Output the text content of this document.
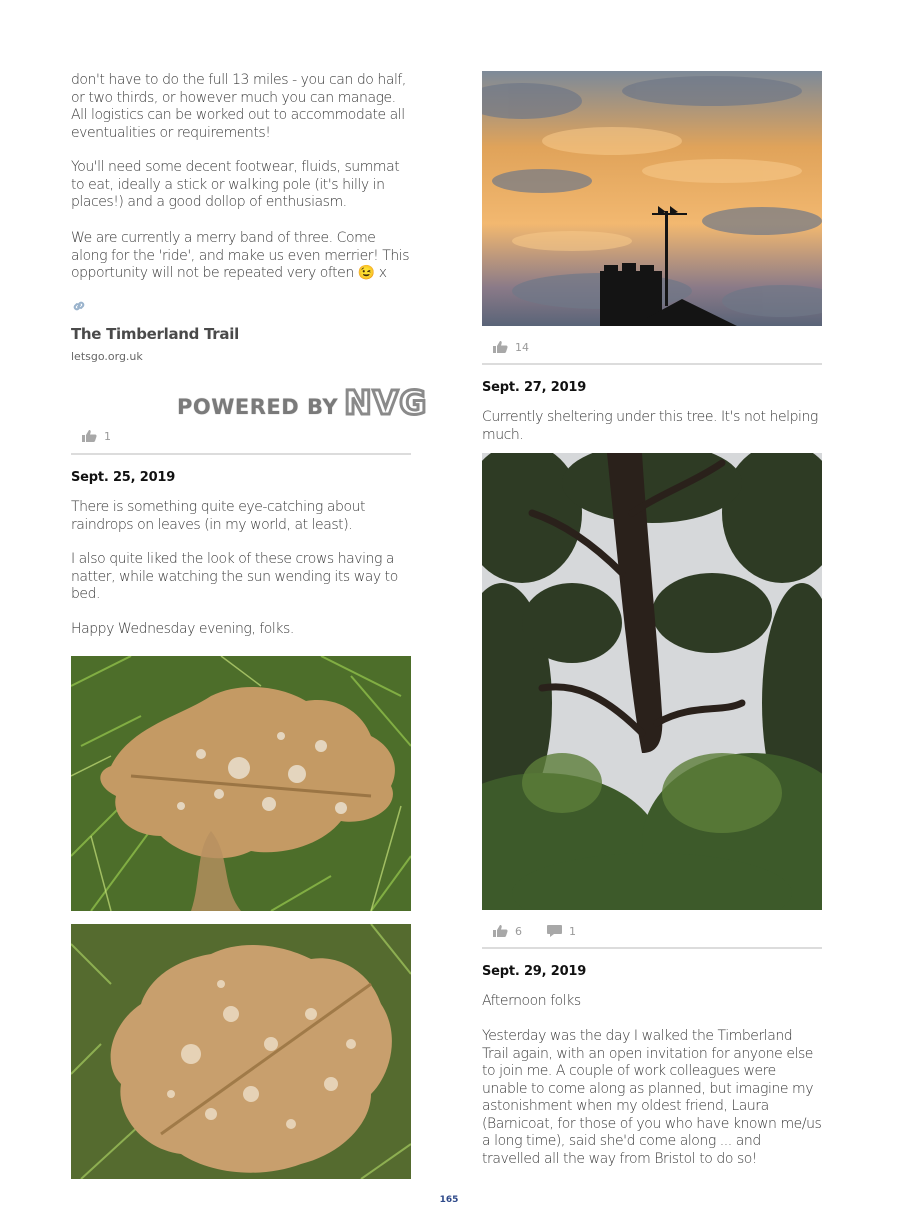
don't have to do the full 13 miles - you can do half, or two thirds, or however much you can manage. All logistics can be worked out to accommodate all eventualities or requirements!

You'll need some decent footwear, fluids, summat to eat, ideally a stick or walking pole (it's hilly in places!) and a good dollop of enthusiasm.

We are currently a merry band of three. Come along for the 'ride', and make us even merrier! This opportunity will not be repeated very often 😉 x

The Timberland Trail

letsgo.org.uk

POWERED BY NVG
1

Sept. 25, 2019

There is something quite eye-catching about raindrops on leaves (in my world, at least).

I also quite liked the look of these crows having a natter, while watching the sun wending its way to bed.

Happy Wednesday evening, folks.

14

Sept. 27, 2019

Currently sheltering under this tree. It's not helping much.

6	1

Sept. 29, 2019

Afternoon folks

Yesterday was the day I walked the Timberland Trail again, with an open invitation for anyone else to join me. A couple of work colleagues were unable to come along as planned, but imagine my astonishment when my oldest friend, Laura (Barnicoat, for those of you who have known me/us a long time), said she'd come along ... and travelled all the way from Bristol to do so!

165
